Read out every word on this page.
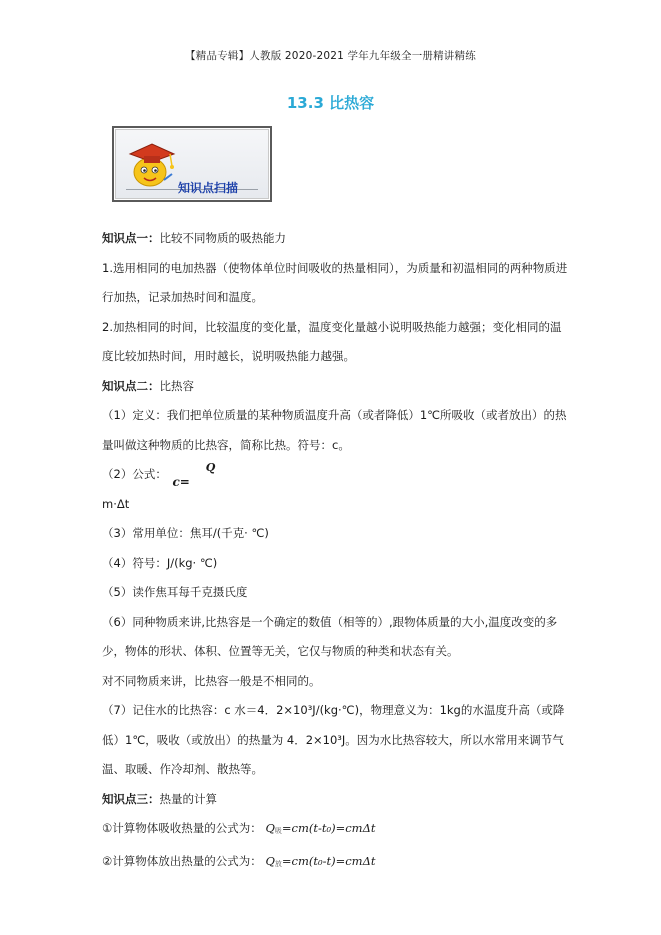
【精品专辑】人教版 2020-2021 学年九年级全一册精讲精练
13.3 比热容
知识点扫描

知识点一：比较不同物质的吸热能力

1.选用相同的电加热器（使物体单位时间吸收的热量相同），为质量和初温相同的两种物质进行加热，记录加热时间和温度。

2.加热相同的时间，比较温度的变化量，温度变化量越小说明吸热能力越强；变化相同的温度比较加热时间，用时越长，说明吸热能力越强。

知识点二：比热容

（1）定义：我们把单位质量的某种物质温度升高（或者降低）1℃所吸收（或者放出）的热量叫做这种物质的比热容，简称比热。符号：c。

（2）公式：
c=
Q

m·Δt

（3）常用单位：焦耳/(千克· ℃)

（4）符号：J/(kg· ℃)

（5）读作焦耳每千克摄氏度

（6）同种物质来讲,比热容是一个确定的数值（相等的）,跟物体质量的大小,温度改变的多少，物体的形状、体积、位置等无关，它仅与物质的种类和状态有关。

对不同物质来讲，比热容一般是不相同的。

（7）记住水的比热容：c 水＝4．2×10³J/(kg·℃)，物理意义为：1kg的水温度升高（或降低）1℃，吸收（或放出）的热量为 4．2×10³J。因为水比热容较大，所以水常用来调节气温、取暖、作冷却剂、散热等。

知识点三：热量的计算

①计算物体吸收热量的公式为： Q吸=cm(t-t₀)=cmΔt

②计算物体放出热量的公式为： Q放=cm(t₀-t)=cmΔt
